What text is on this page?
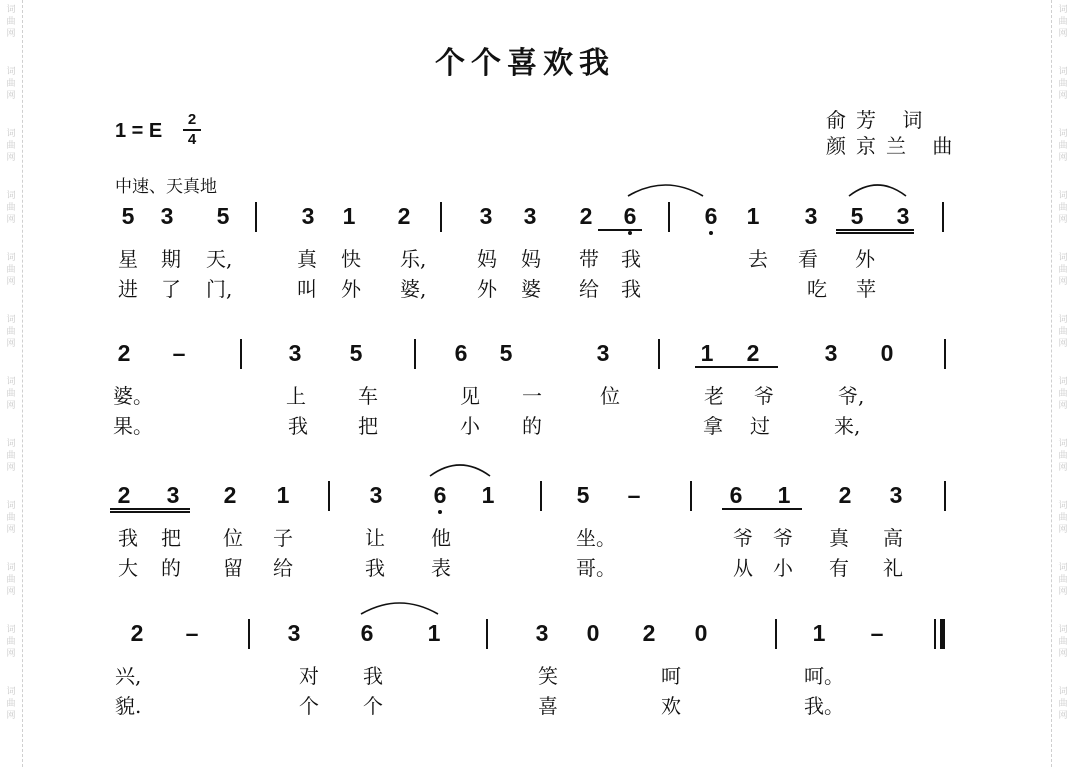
词
曲
网
词
曲
网
词
曲
网
词
曲
网
词
曲
网
词
曲
网
词
曲
网
词
曲
网
词
曲
网
词
曲
网
词
曲
网
词
曲
网
词
曲
网
词
曲
网
词
曲
网
词
曲
网
词
曲
网
词
曲
网
词
曲
网
词
曲
网
词
曲
网
词
曲
网
词
曲
网
词
曲
网
个个喜欢我
1 = E
2
4
俞芳 词
颜京兰 曲
中速、天真地
5 3 5	3 1 2	3 3 2 6	6 1 3 5 3
星 期 天,	真 快 乐,	妈 妈 带 我	去 看 外
进 了 门,	叫 外 婆,	外 婆 给 我	吃 苹
2 –	3 5	6 5	3	1 2	3 0
婆。	上	车	见 一	位	老 爷	爷,
果。	我	把	小 的	拿 过	来,
2 3 2 1	3 6 1	5 –	6 1 2 3
我 把 位 子	让 他	坐。	爷 爷 真 高
大 的 留 给	我 表	哥。	从 小 有 礼
2 –	3	6 1	3 0 2 0	1 –
兴,	对 我	笑	呵	呵。
貌.	个 个	喜	欢	我。
